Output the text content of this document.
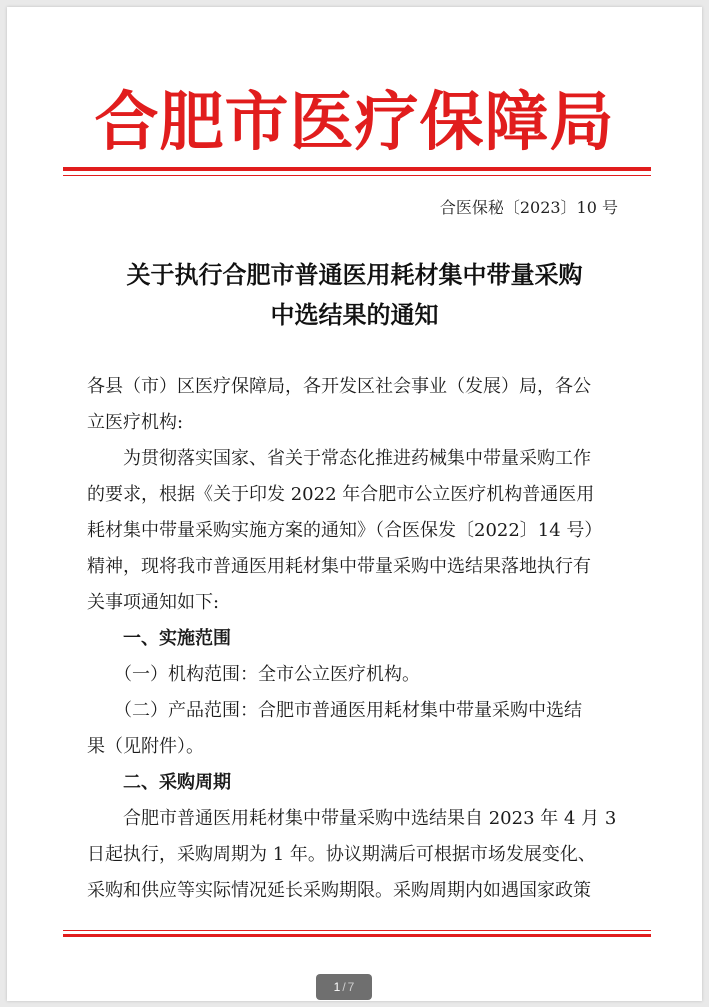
合肥市医疗保障局
合医保秘〔2023〕10 号
关于执行合肥市普通医用耗材集中带量采购
中选结果的通知
各县（市）区医疗保障局，各开发区社会事业（发展）局，各公
立医疗机构:
　　为贯彻落实国家、省关于常态化推进药械集中带量采购工作
的要求，根据《关于印发 2022 年合肥市公立医疗机构普通医用
耗材集中带量采购实施方案的通知》（合医保发〔2022〕14 号）
精神，现将我市普通医用耗材集中带量采购中选结果落地执行有
关事项通知如下:
　　一、实施范围
　　（一）机构范围：全市公立医疗机构。
　　（二）产品范围：合肥市普通医用耗材集中带量采购中选结
果（见附件）。
　　二、采购周期
　　合肥市普通医用耗材集中带量采购中选结果自 2023 年 4 月 3
日起执行，采购周期为 1 年。协议期满后可根据市场发展变化、
采购和供应等实际情况延长采购期限。采购周期内如遇国家政策
1 / 7
